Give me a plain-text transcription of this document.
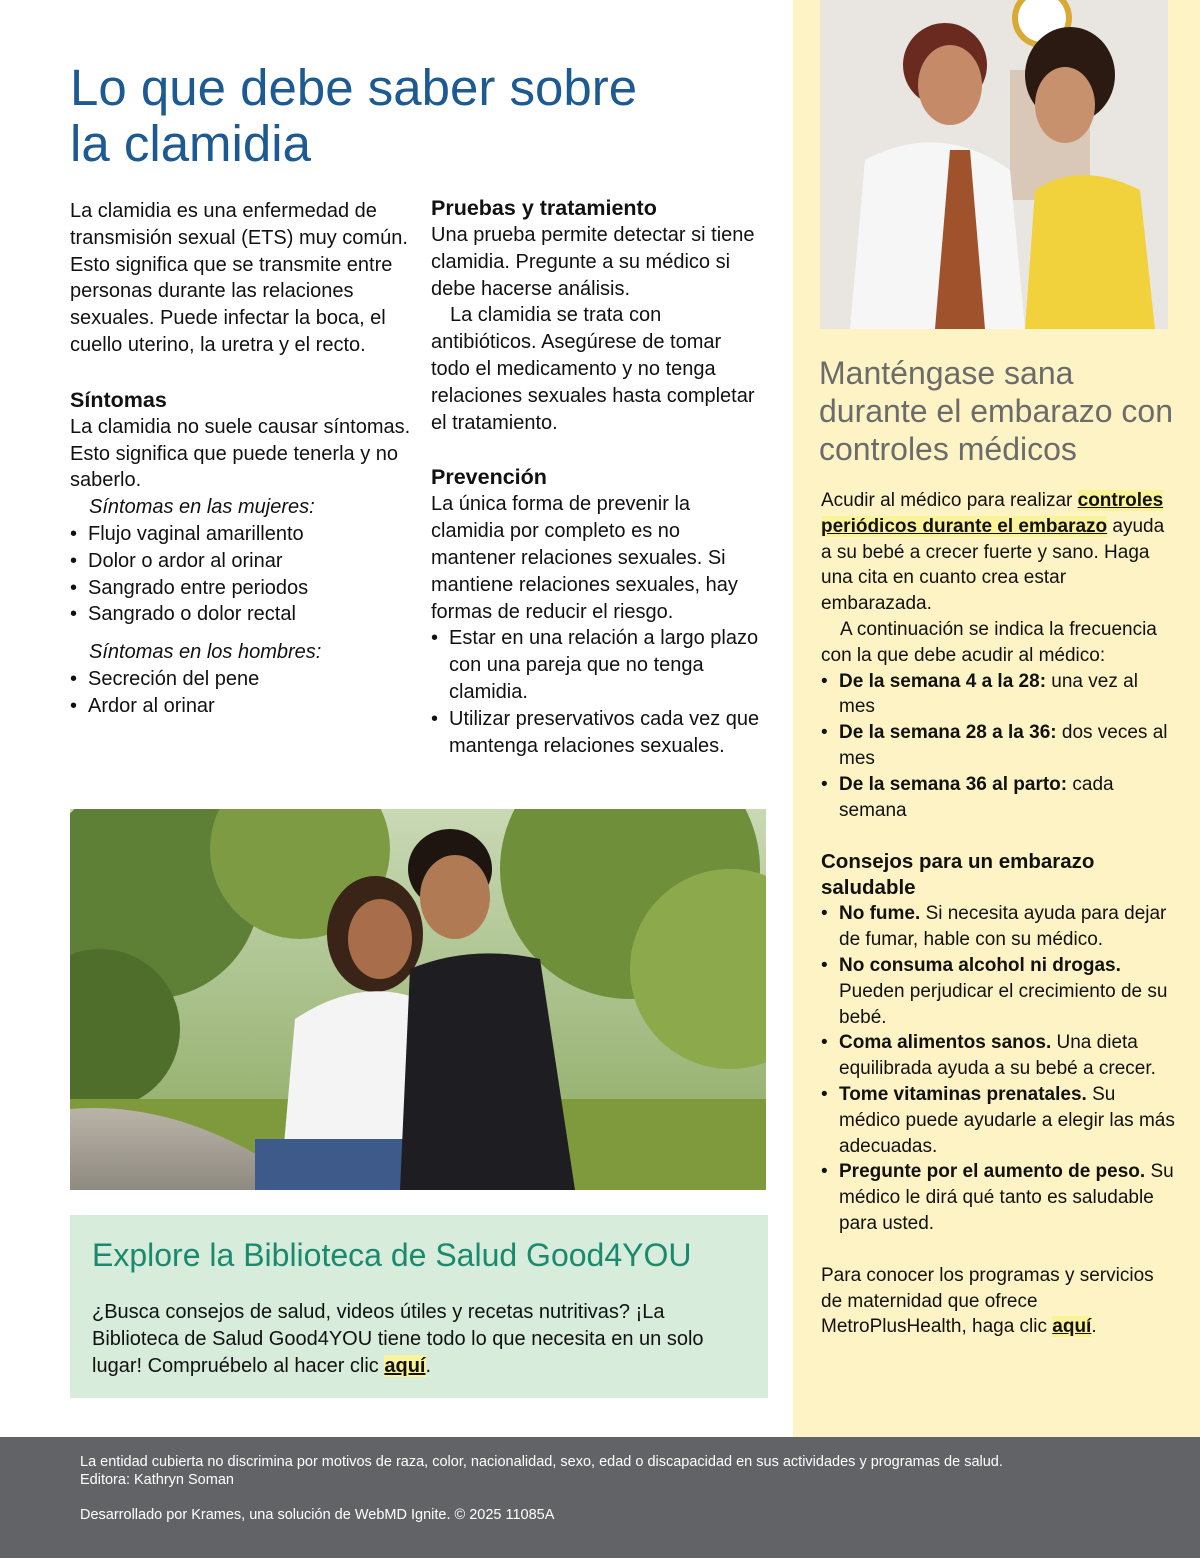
Lo que debe saber sobre
la clamidia

La clamidia es una enfermedad de transmisión sexual (ETS) muy común. Esto significa que se transmite entre personas durante las relaciones sexuales. Puede infectar la boca, el cuello uterino, la uretra y el recto.

Síntomas

La clamidia no suele causar síntomas. Esto significa que puede tenerla y no saberlo.

Síntomas en las mujeres:

• Flujo vaginal amarillento
• Dolor o ardor al orinar
• Sangrado entre periodos
• Sangrado o dolor rectal

Síntomas en los hombres:

• Secreción del pene
• Ardor al orinar
Pruebas y tratamiento

Una prueba permite detectar si tiene clamidia. Pregunte a su médico si debe hacerse análisis.

La clamidia se trata con antibióticos. Asegúrese de tomar todo el medicamento y no tenga relaciones sexuales hasta completar el tratamiento.

Prevención

La única forma de prevenir la clamidia por completo es no mantener relaciones sexuales. Si mantiene relaciones sexuales, hay formas de reducir el riesgo.

• Estar en una relación a largo plazo con una pareja que no tenga clamidia.
• Utilizar preservativos cada vez que mantenga relaciones sexuales.
Explore la Biblioteca de Salud Good4YOU

¿Busca consejos de salud, videos útiles y recetas nutritivas? ¡La Biblioteca de Salud Good4YOU tiene todo lo que necesita en un solo lugar! Compruébelo al hacer clic aquí.

Manténgase sana durante el embarazo con controles médicos

Acudir al médico para realizar controles periódicos durante el embarazo ayuda a su bebé a crecer fuerte y sano. Haga una cita en cuanto crea estar embarazada.

A continuación se indica la frecuencia con la que debe acudir al médico:

• De la semana 4 a la 28: una vez al mes
• De la semana 28 a la 36: dos veces al mes
• De la semana 36 al parto: cada semana
Consejos para un embarazo saludable
• No fume. Si necesita ayuda para dejar de fumar, hable con su médico.
• No consuma alcohol ni drogas. Pueden perjudicar el crecimiento de su bebé.
• Coma alimentos sanos. Una dieta equilibrada ayuda a su bebé a crecer.
• Tome vitaminas prenatales. Su médico puede ayudarle a elegir las más adecuadas.
• Pregunte por el aumento de peso. Su médico le dirá qué tanto es saludable para usted.

Para conocer los programas y servicios de maternidad que ofrece MetroPlusHealth, haga clic aquí.

La entidad cubierta no discrimina por motivos de raza, color, nacionalidad, sexo, edad o discapacidad en sus actividades y programas de salud.

Editora: Kathryn Soman

Desarrollado por Krames, una solución de WebMD Ignite. © 2025 11085A
